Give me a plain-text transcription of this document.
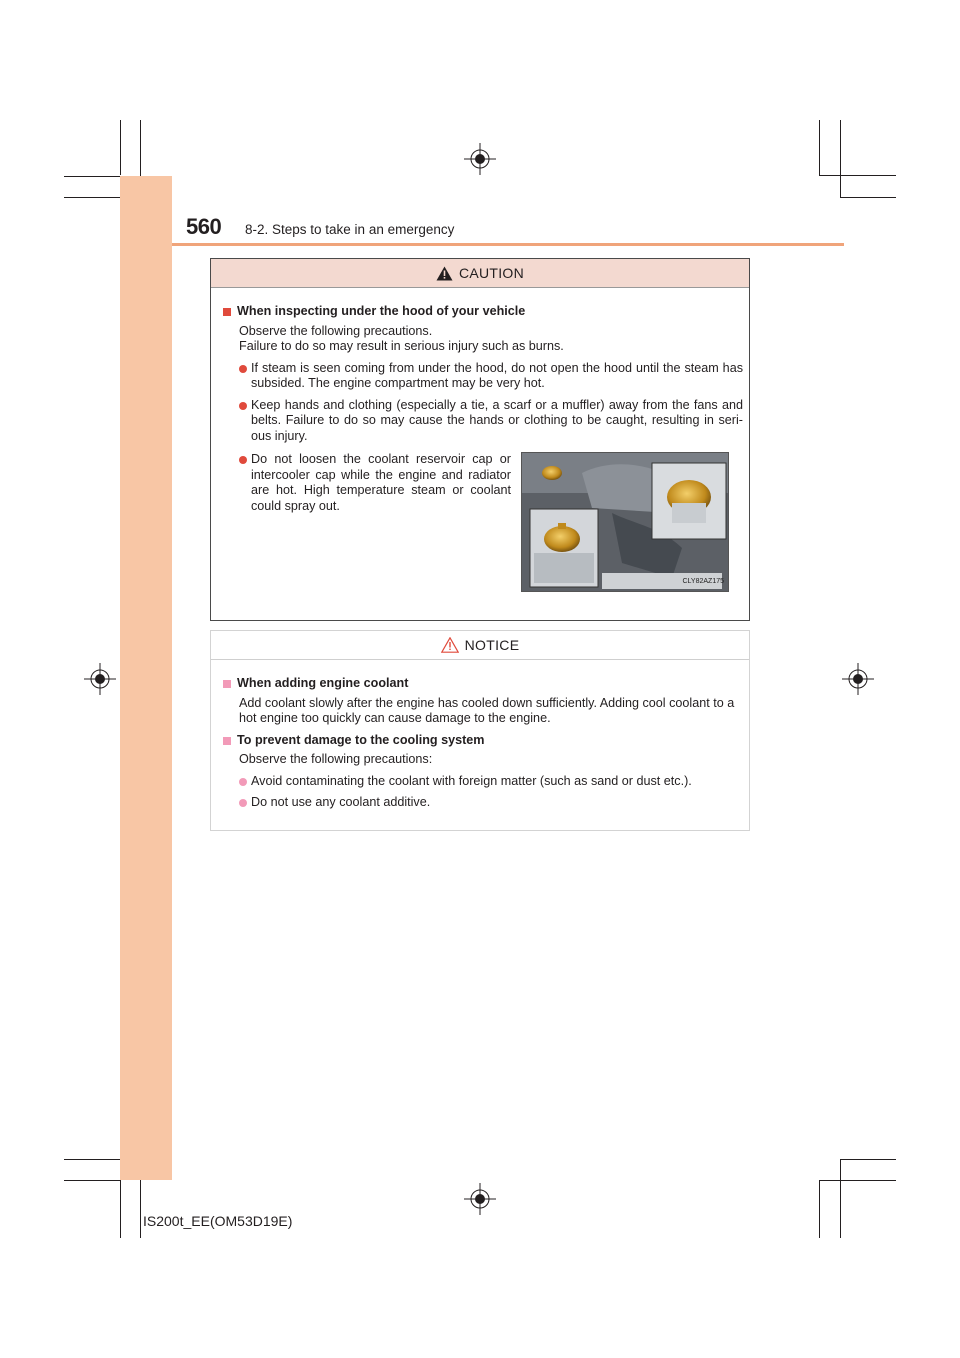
560 8-2. Steps to take in an emergency
CAUTION
When inspecting under the hood of your vehicle
Observe the following precautions.
Failure to do so may result in serious injury such as burns.
If steam is seen coming from under the hood, do not open the hood until the steam has subsided. The engine compartment may be very hot.
Keep hands and clothing (especially a tie, a scarf or a muffler) away from the fans and belts. Failure to do so may cause the hands or clothing to be caught, resulting in seri-ous injury.
Do not loosen the coolant reservoir cap or intercooler cap while the engine and radiator are hot. High temperature steam or coolant could spray out.
CLY82AZ175
NOTICE
When adding engine coolant
Add coolant slowly after the engine has cooled down sufficiently. Adding cool coolant to a hot engine too quickly can cause damage to the engine.
To prevent damage to the cooling system
Observe the following precautions:
Avoid contaminating the coolant with foreign matter (such as sand or dust etc.).
Do not use any coolant additive.
IS200t_EE(OM53D19E)
